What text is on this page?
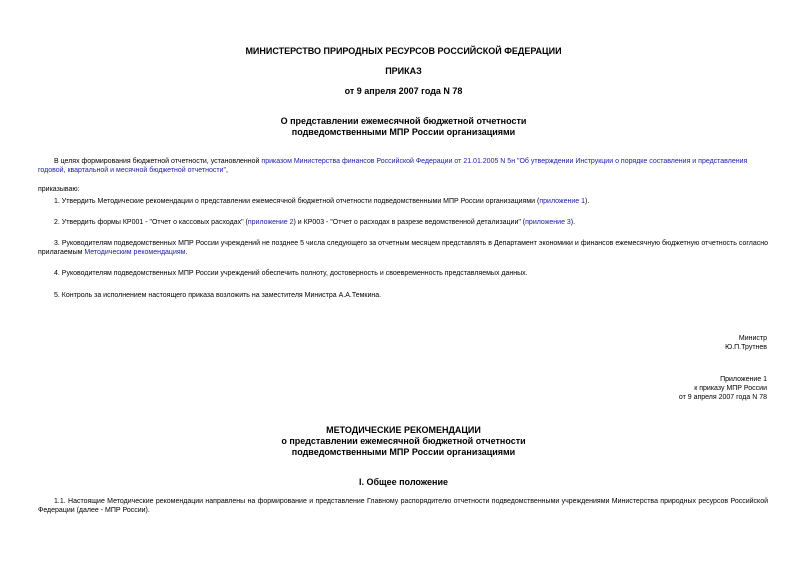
МИНИСТЕРСТВО ПРИРОДНЫХ РЕСУРСОВ РОССИЙСКОЙ ФЕДЕРАЦИИ
ПРИКАЗ
от 9 апреля 2007 года N 78
О представлении ежемесячной бюджетной отчетности
подведомственными МПР России организациями
В целях формирования бюджетной отчетности, установленной приказом Министерства финансов Российской Федерации от 21.01.2005 N 5н "Об утверждении Инструкции о порядке составления и представления годовой, квартальной и месячной бюджетной отчетности",
приказываю:
1. Утвердить Методические рекомендации о представлении ежемесячной бюджетной отчетности подведомственными МПР России организациями (приложение 1).
2. Утвердить формы КР001 - "Отчет о кассовых расходах" (приложение 2) и КР003 - "Отчет о расходах в разрезе ведомственной детализации" (приложение 3).
3. Руководителям подведомственных МПР России учреждений не позднее 5 числа следующего за отчетным месяцем представлять в Департамент экономики и финансов ежемесячную бюджетную отчетность согласно прилагаемым Методическим рекомендациям.
4. Руководителям подведомственных МПР России учреждений обеспечить полноту, достоверность и своевременность представляемых данных.
5. Контроль за исполнением настоящего приказа возложить на заместителя Министра А.А.Темкина.
Министр
Ю.П.Трутнев
Приложение 1
к приказу МПР России
от 9 апреля 2007 года N 78
МЕТОДИЧЕСКИЕ РЕКОМЕНДАЦИИ
о представлении ежемесячной бюджетной отчетности
подведомственными МПР России организациями
I. Общее положение
1.1. Настоящие Методические рекомендации направлены на формирование и представление Главному распорядителю отчетности подведомственными учреждениями Министерства природных ресурсов Российской Федерации (далее - МПР России).
